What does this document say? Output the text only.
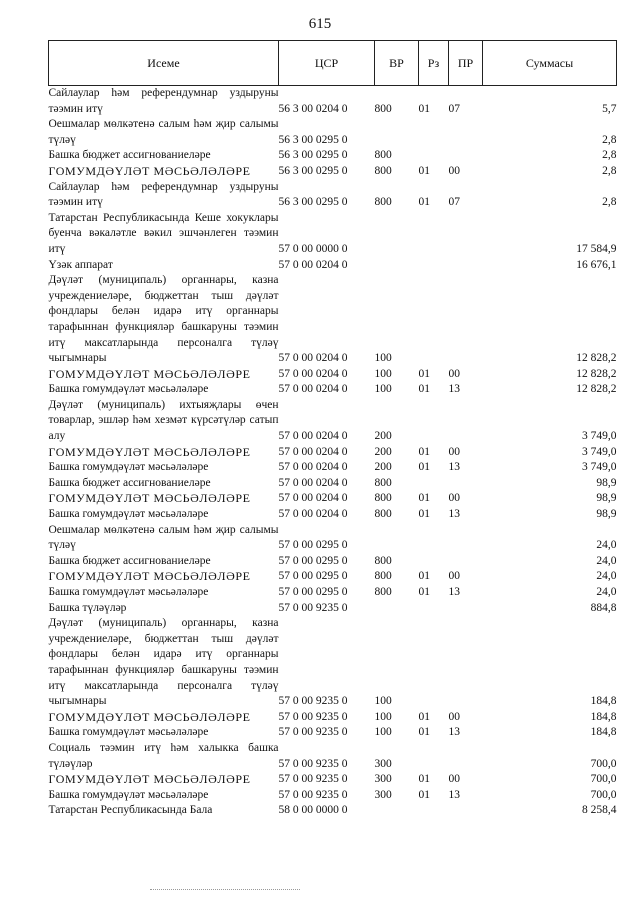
615
Исеме	ЦСР	ВР	Рз	ПР	Суммасы
Сайлаулар һәм референдумнар уздыруны тәэмин итү	56 3 00 0204 0	800	01	07	5,7
Оешмалар мөлкәтенә салым һәм җир салымы түләү	56 3 00 0295 0				2,8
Башка бюджет ассигнованиеләре	56 3 00 0295 0	800			2,8
ГОМУМДӘҮЛӘТ МӘСЬӘЛӘЛӘРЕ	56 3 00 0295 0	800	01	00	2,8
Сайлаулар һәм референдумнар уздыруны тәэмин итү	56 3 00 0295 0	800	01	07	2,8
Татарстан Республикасында Кеше хокуклары буенча вәкаләтле вәкил эшчәнлеген тәэмин итү	57 0 00 0000 0				17 584,9
Үзәк аппарат	57 0 00 0204 0				16 676,1
Дәүләт (муниципаль) органнары, казна учреждениеләре, бюджеттан тыш дәүләт фондлары белән идарә итү органнары тарафыннан функцияләр башкаруны тәэмин итү максатларында персоналга түләү чыгымнары	57 0 00 0204 0	100			12 828,2
ГОМУМДӘҮЛӘТ МӘСЬӘЛӘЛӘРЕ	57 0 00 0204 0	100	01	00	12 828,2
Башка гомумдәүләт мәсьәләләре	57 0 00 0204 0	100	01	13	12 828,2
Дәүләт (муниципаль) ихтыяҗлары өчен товарлар, эшләр һәм хезмәт күрсәтүләр сатып алу	57 0 00 0204 0	200			3 749,0
ГОМУМДӘҮЛӘТ МӘСЬӘЛӘЛӘРЕ	57 0 00 0204 0	200	01	00	3 749,0
Башка гомумдәүләт мәсьәләләре	57 0 00 0204 0	200	01	13	3 749,0
Башка бюджет ассигнованиеләре	57 0 00 0204 0	800			98,9
ГОМУМДӘҮЛӘТ МӘСЬӘЛӘЛӘРЕ	57 0 00 0204 0	800	01	00	98,9
Башка гомумдәүләт мәсьәләләре	57 0 00 0204 0	800	01	13	98,9
Оешмалар мөлкәтенә салым һәм җир салымы түләү	57 0 00 0295 0				24,0
Башка бюджет ассигнованиеләре	57 0 00 0295 0	800			24,0
ГОМУМДӘҮЛӘТ МӘСЬӘЛӘЛӘРЕ	57 0 00 0295 0	800	01	00	24,0
Башка гомумдәүләт мәсьәләләре	57 0 00 0295 0	800	01	13	24,0
Башка түләүләр	57 0 00 9235 0				884,8
Дәүләт (муниципаль) органнары, казна учреждениеләре, бюджеттан тыш дәүләт фондлары белән идарә итү органнары тарафыннан функцияләр башкаруны тәэмин итү максатларында персоналга түләү чыгымнары	57 0 00 9235 0	100			184,8
ГОМУМДӘҮЛӘТ МӘСЬӘЛӘЛӘРЕ	57 0 00 9235 0	100	01	00	184,8
Башка гомумдәүләт мәсьәләләре	57 0 00 9235 0	100	01	13	184,8
Социаль тәэмин итү һәм халыкка башка түләүләр	57 0 00 9235 0	300			700,0
ГОМУМДӘҮЛӘТ МӘСЬӘЛӘЛӘРЕ	57 0 00 9235 0	300	01	00	700,0
Башка гомумдәүләт мәсьәләләре	57 0 00 9235 0	300	01	13	700,0
Татарстан Республикасында Бала	58 0 00 0000 0				8 258,4
